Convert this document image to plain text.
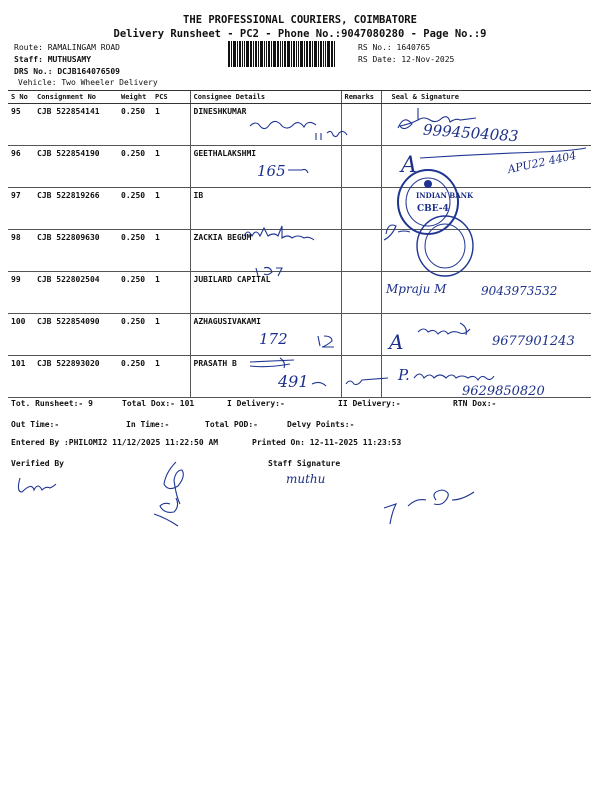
THE PROFESSIONAL COURIERS, COIMBATORE
Delivery Runsheet - PC2 - Phone No.:9047080280 - Page No.:9
Route: RAMALINGAM ROAD
Staff: MUTHUSAMY
DRS No.: DCJB164076509
Vehicle: Two Wheeler Delivery
RS No.: 1640765
RS Date: 12-Nov-2025
S No	Consignment No	Weight	PCS	Consignee Details	Remarks	Seal & Signature
95	CJB 522854141	0.250	1	DINESHKUMAR		
96	CJB 522854190	0.250	1	GEETHALAKSHMI		
97	CJB 522819266	0.250	1	IB		
98	CJB 522809630	0.250	1	ZACKIA BEGUM		
99	CJB 522802504	0.250	1	JUBILARD CAPITAL		
100	CJB 522854090	0.250	1	AZHAGUSIVAKAMI		
101	CJB 522893020	0.250	1	PRASATH B		
Tot. Runsheet:- 9	Total Dox:- 101	I Delivery:-	II Delivery:-	RTN Dox:-
Out Time:-	In Time:-	Total POD:-	Delvy Points:-
Entered By :PHILOMI2 11/12/2025 11:22:50 AM	Printed On: 12-11-2025 11:23:53
Verified By	Staff Signature
9994504083
A
165	APU22 4404
Mpraju M	9043973532
A
172	9677901243
491	P.
9629850820
muthu
INDIAN BANK
CBE-4
